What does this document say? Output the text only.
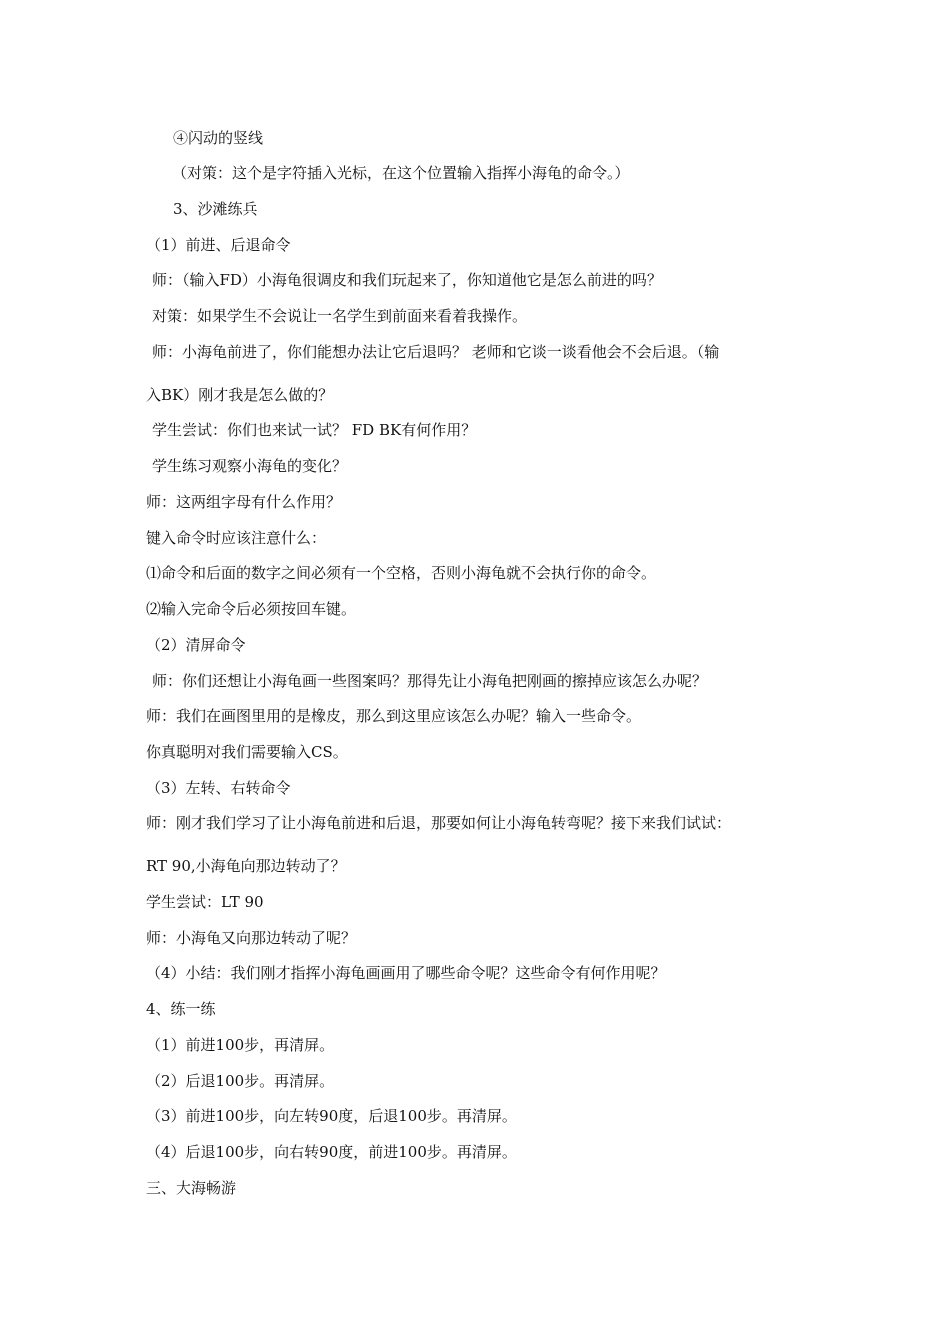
④闪动的竖线
（对策：这个是字符插入光标，在这个位置输入指挥小海龟的命令。）
3、沙滩练兵
（1）前进、后退命令
师：（输入FD）小海龟很调皮和我们玩起来了，你知道他它是怎么前进的吗？
对策：如果学生不会说让一名学生到前面来看着我操作。
师：小海龟前进了，你们能想办法让它后退吗？ 老师和它谈一谈看他会不会后退。（输
入BK）刚才我是怎么做的？
学生尝试：你们也来试一试？ FD BK有何作用？
学生练习观察小海龟的变化？
师：这两组字母有什么作用？
键入命令时应该注意什么：
⑴命令和后面的数字之间必须有一个空格，否则小海龟就不会执行你的命令。
⑵输入完命令后必须按回车键。
（2）清屏命令
师：你们还想让小海龟画一些图案吗？那得先让小海龟把刚画的擦掉应该怎么办呢？
师：我们在画图里用的是橡皮，那么到这里应该怎么办呢？输入一些命令。
你真聪明对我们需要输入CS。
（3）左转、右转命令
师：刚才我们学习了让小海龟前进和后退，那要如何让小海龟转弯呢？接下来我们试试：
RT 90,小海龟向那边转动了？
学生尝试：LT 90
师：小海龟又向那边转动了呢？
（4）小结：我们刚才指挥小海龟画画用了哪些命令呢？这些命令有何作用呢？
4、练一练
（1）前进100步，再清屏。
（2）后退100步。再清屏。
（3）前进100步，向左转90度，后退100步。再清屏。
（4）后退100步，向右转90度，前进100步。再清屏。
三、大海畅游
